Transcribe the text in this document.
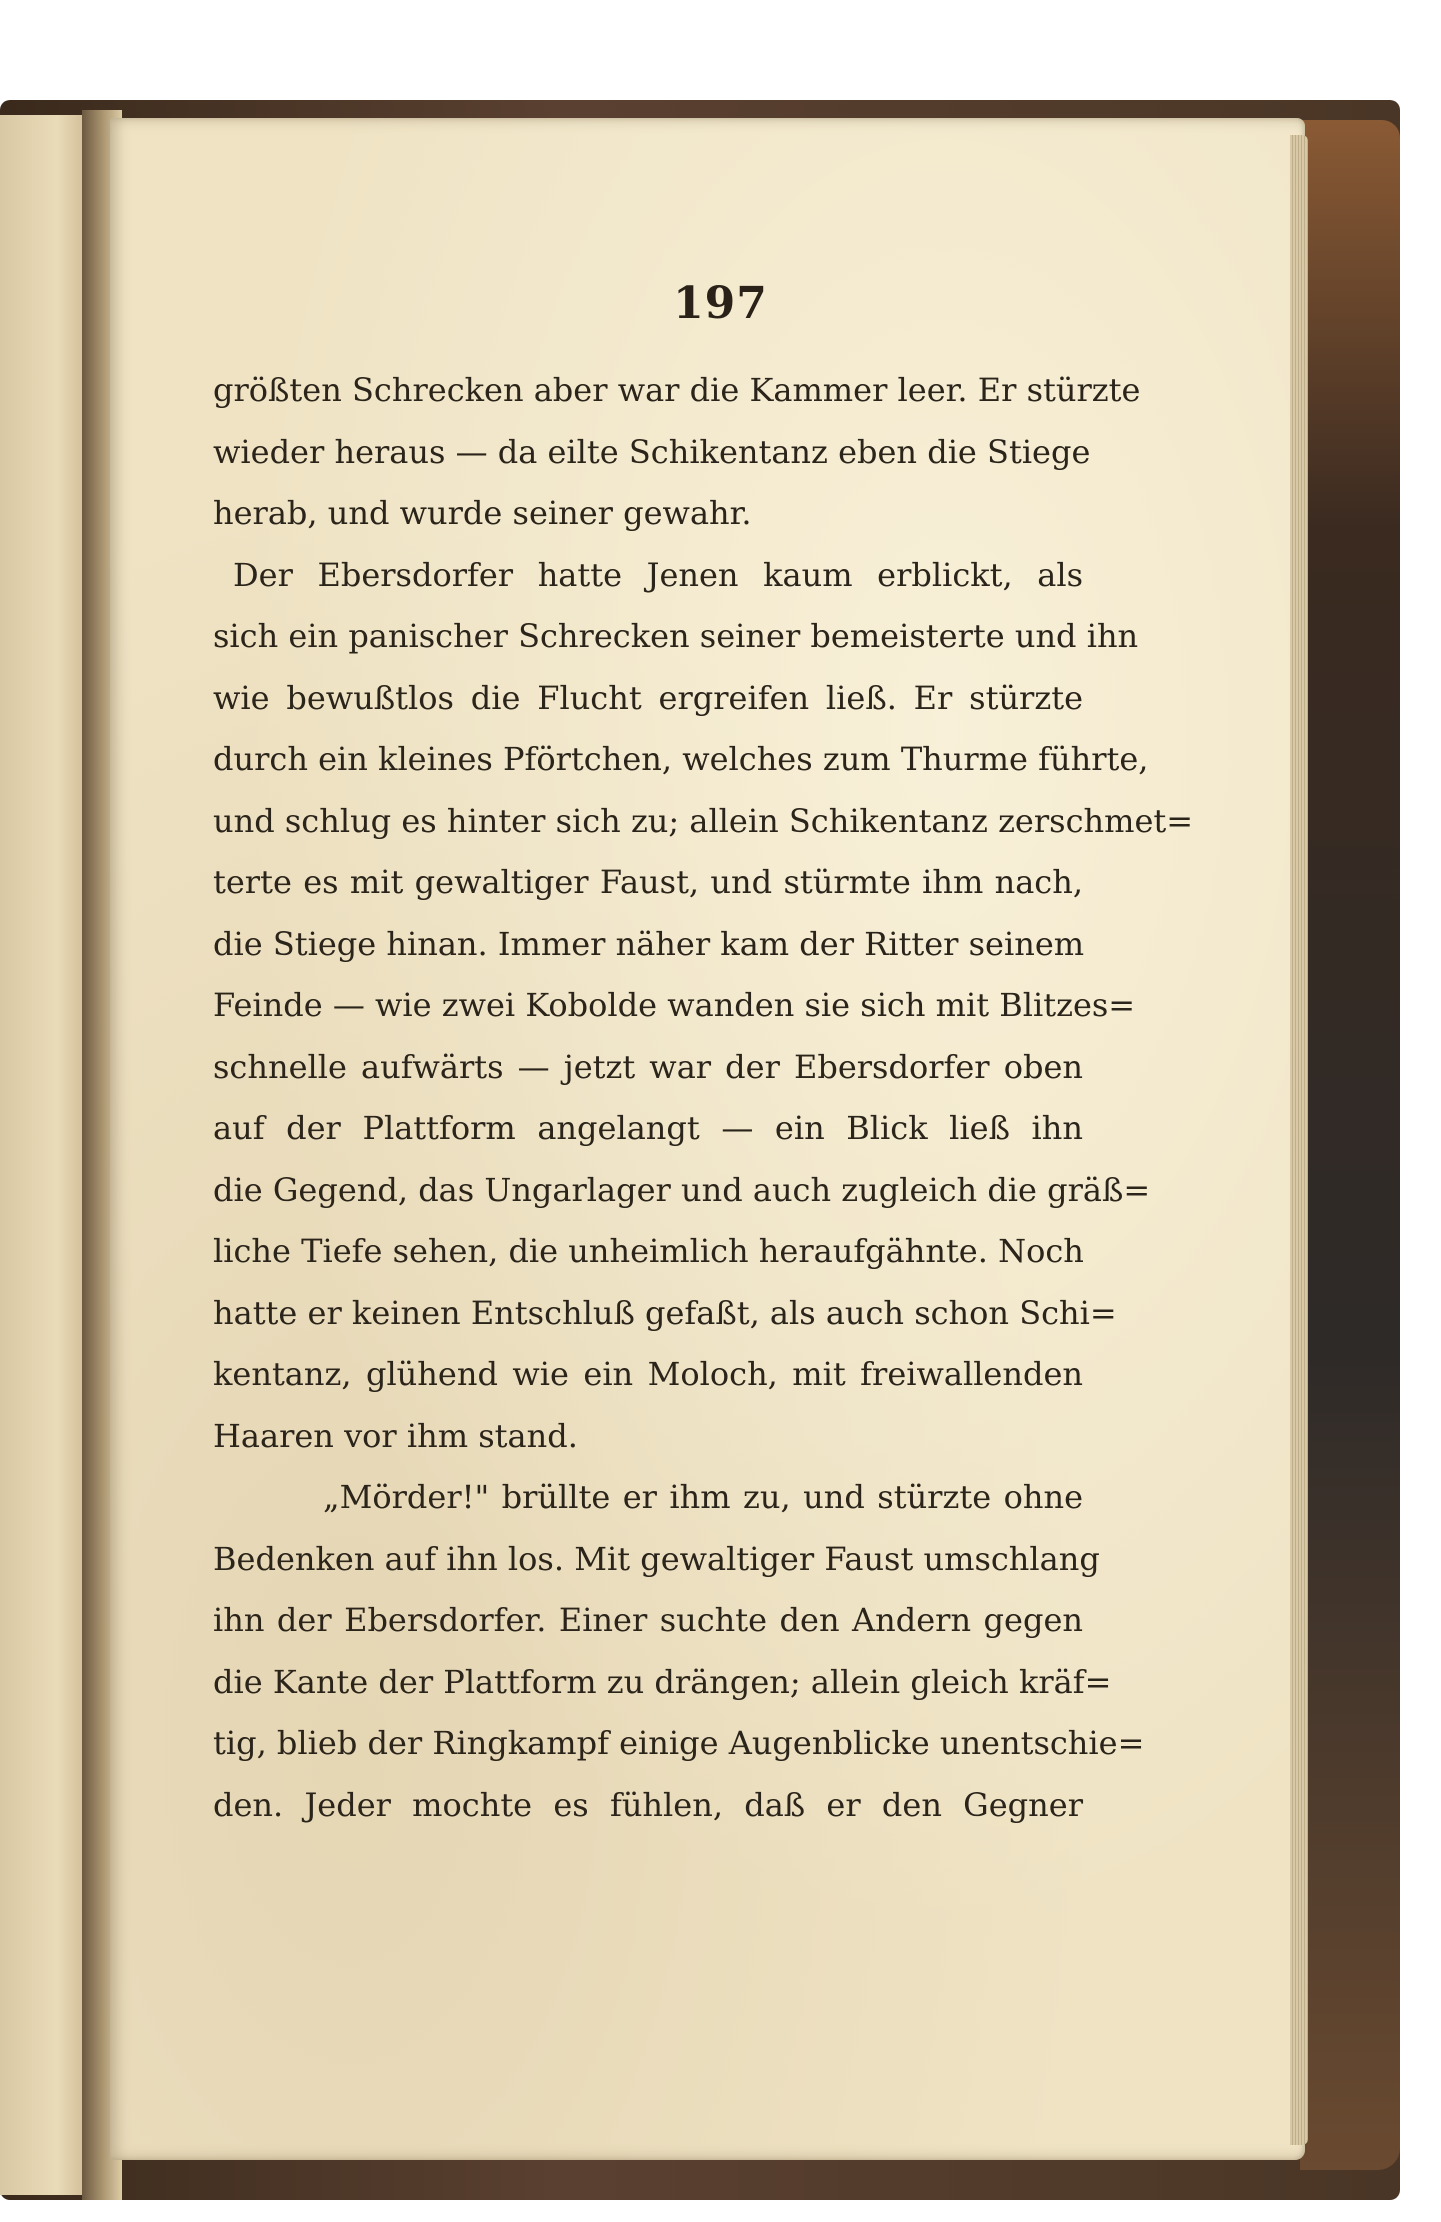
197
größten Schrecken aber war die Kammer leer. Er stürzte
wieder heraus — da eilte Schikentanz eben die Stiege
herab, und wurde seiner gewahr.
Der Ebersdorfer hatte Jenen kaum erblickt, als
sich ein panischer Schrecken seiner bemeisterte und ihn
wie bewußtlos die Flucht ergreifen ließ. Er stürzte
durch ein kleines Pförtchen, welches zum Thurme führte,
und schlug es hinter sich zu; allein Schikentanz zerschmet=
terte es mit gewaltiger Faust, und stürmte ihm nach,
die Stiege hinan. Immer näher kam der Ritter seinem
Feinde — wie zwei Kobolde wanden sie sich mit Blitzes=
schnelle aufwärts — jetzt war der Ebersdorfer oben
auf der Plattform angelangt — ein Blick ließ ihn
die Gegend, das Ungarlager und auch zugleich die gräß=
liche Tiefe sehen, die unheimlich heraufgähnte. Noch
hatte er keinen Entschluß gefaßt, als auch schon Schi=
kentanz, glühend wie ein Moloch, mit freiwallenden
Haaren vor ihm stand.
„Mörder!" brüllte er ihm zu, und stürzte ohne
Bedenken auf ihn los. Mit gewaltiger Faust umschlang
ihn der Ebersdorfer. Einer suchte den Andern gegen
die Kante der Plattform zu drängen; allein gleich kräf=
tig, blieb der Ringkampf einige Augenblicke unentschie=
den. Jeder mochte es fühlen, daß er den Gegner
